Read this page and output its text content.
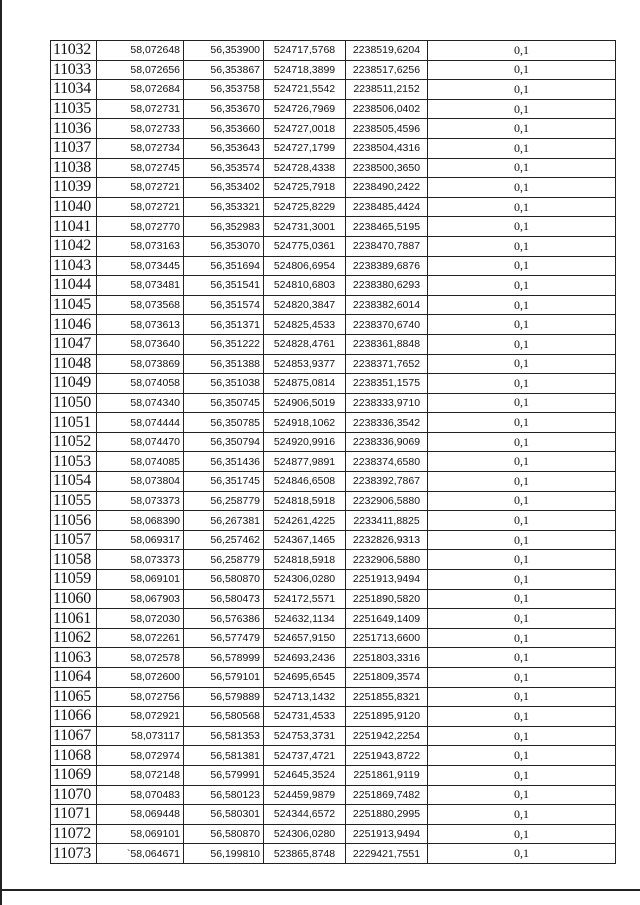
11032	58,072648	56,353900	524717,5768	2238519,6204	0,1
11033	58,072656	56,353867	524718,3899	2238517,6256	0,1
11034	58,072684	56,353758	524721,5542	2238511,2152	0,1
11035	58,072731	56,353670	524726,7969	2238506,0402	0,1
11036	58,072733	56,353660	524727,0018	2238505,4596	0,1
11037	58,072734	56,353643	524727,1799	2238504,4316	0,1
11038	58,072745	56,353574	524728,4338	2238500,3650	0,1
11039	58,072721	56,353402	524725,7918	2238490,2422	0,1
11040	58,072721	56,353321	524725,8229	2238485,4424	0,1
11041	58,072770	56,352983	524731,3001	2238465,5195	0,1
11042	58,073163	56,353070	524775,0361	2238470,7887	0,1
11043	58,073445	56,351694	524806,6954	2238389,6876	0,1
11044	58,073481	56,351541	524810,6803	2238380,6293	0,1
11045	58,073568	56,351574	524820,3847	2238382,6014	0,1
11046	58,073613	56,351371	524825,4533	2238370,6740	0,1
11047	58,073640	56,351222	524828,4761	2238361,8848	0,1
11048	58,073869	56,351388	524853,9377	2238371,7652	0,1
11049	58,074058	56,351038	524875,0814	2238351,1575	0,1
11050	58,074340	56,350745	524906,5019	2238333,9710	0,1
11051	58,074444	56,350785	524918,1062	2238336,3542	0,1
11052	58,074470	56,350794	524920,9916	2238336,9069	0,1
11053	58,074085	56,351436	524877,9891	2238374,6580	0,1
11054	58,073804	56,351745	524846,6508	2238392,7867	0,1
11055	58,073373	56,258779	524818,5918	2232906,5880	0,1
11056	58,068390	56,267381	524261,4225	2233411,8825	0,1
11057	58,069317	56,257462	524367,1465	2232826,9313	0,1
11058	58,073373	56,258779	524818,5918	2232906,5880	0,1
11059	58,069101	56,580870	524306,0280	2251913,9494	0,1
11060	58,067903	56,580473	524172,5571	2251890,5820	0,1
11061	58,072030	56,576386	524632,1134	2251649,1409	0,1
11062	58,072261	56,577479	524657,9150	2251713,6600	0,1
11063	58,072578	56,578999	524693,2436	2251803,3316	0,1
11064	58,072600	56,579101	524695,6545	2251809,3574	0,1
11065	58,072756	56,579889	524713,1432	2251855,8321	0,1
11066	58,072921	56,580568	524731,4533	2251895,9120	0,1
11067	58,073117	56,581353	524753,3731	2251942,2254	0,1
11068	58,072974	56,581381	524737,4721	2251943,8722	0,1
11069	58,072148	56,579991	524645,3524	2251861,9119	0,1
11070	58,070483	56,580123	524459,9879	2251869,7482	0,1
11071	58,069448	56,580301	524344,6572	2251880,2995	0,1
11072	58,069101	56,580870	524306,0280	2251913,9494	0,1
11073	`58,064671	56,199810	523865,8748	2229421,7551	0,1
